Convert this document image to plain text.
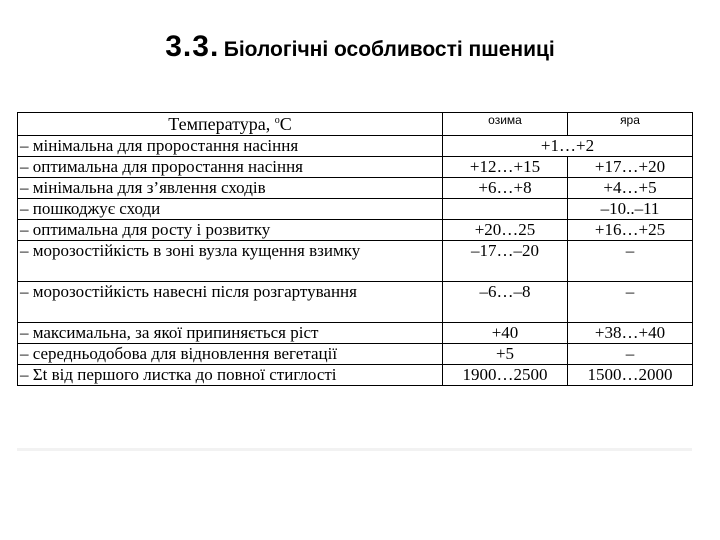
3.3. Біологічні особливості пшениці
Температура, $^o$C	озима	яра
– мінімальна для проростання насіння	+1…+2	
– оптимальна для проростання насіння	+12…+15	+17…+20
– мінімальна для з’явлення сходів	+6…+8	+4…+5
– пошкоджує сходи		–10..–11
– оптимальна для росту і розвитку	+20…25	+16…+25
– морозостійкість в зоні вузла кущення взимку	–17…–20	–
– морозостійкість навесні після розгартування	–6…–8	–
– максимальна, за якої припиняється ріст	+40	+38…+40
– середньодобова для відновлення вегетації	+5	–
– Σt від першого листка до повної стиглості	1900…2500	1500…2000
